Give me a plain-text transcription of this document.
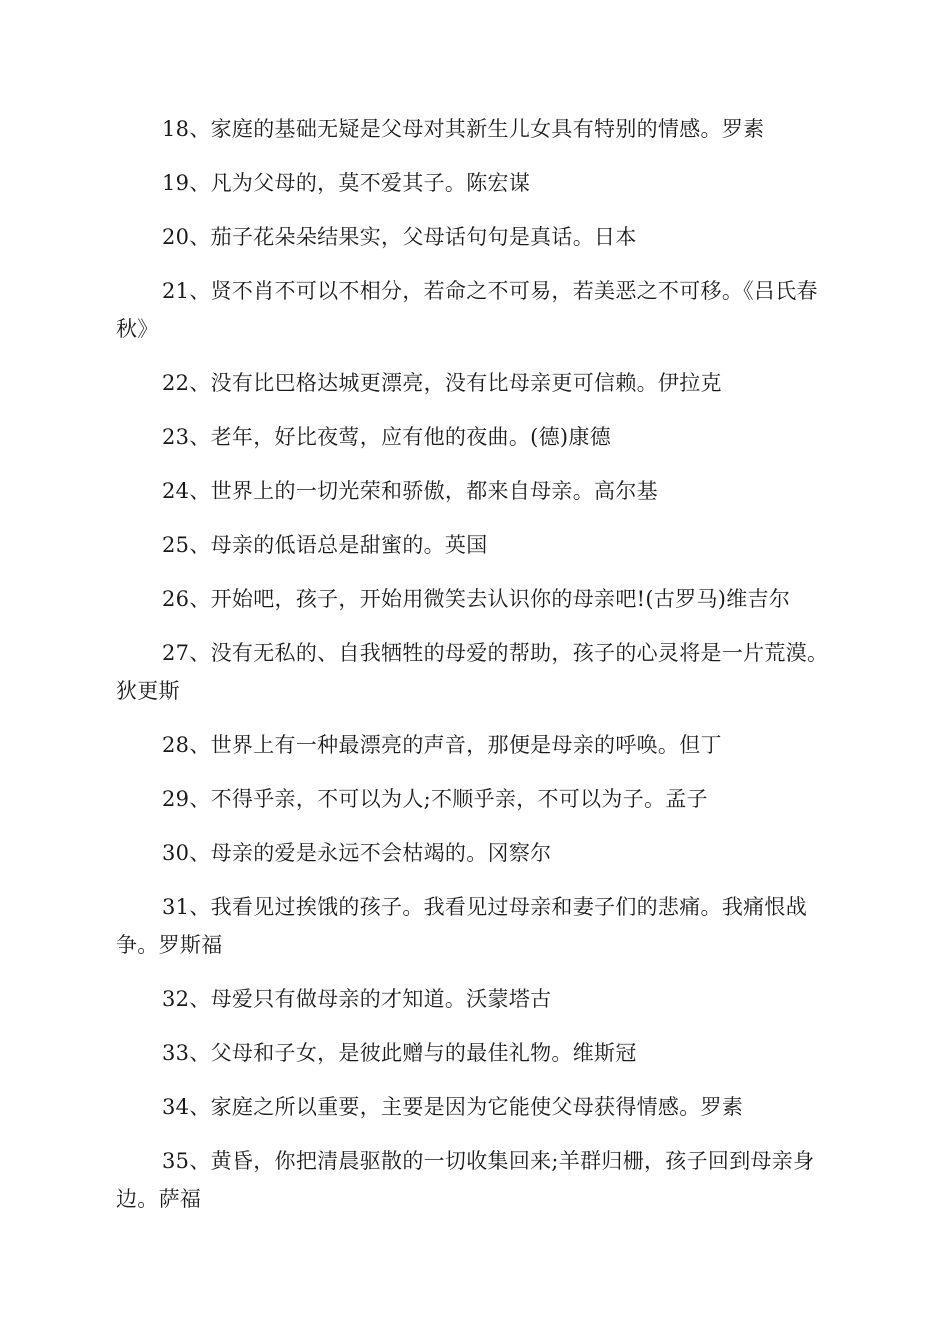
18、家庭的基础无疑是父母对其新生儿女具有特别的情感。罗素

19、凡为父母的，莫不爱其子。陈宏谋

20、茄子花朵朵结果实，父母话句句是真话。日本

21、贤不肖不可以不相分，若命之不可易，若美恶之不可移。《吕氏春秋》

22、没有比巴格达城更漂亮，没有比母亲更可信赖。伊拉克

23、老年，好比夜莺，应有他的夜曲。(德)康德

24、世界上的一切光荣和骄傲，都来自母亲。高尔基

25、母亲的低语总是甜蜜的。英国

26、开始吧，孩子，开始用微笑去认识你的母亲吧!(古罗马)维吉尔

27、没有无私的、自我牺牲的母爱的帮助，孩子的心灵将是一片荒漠。狄更斯

28、世界上有一种最漂亮的声音，那便是母亲的呼唤。但丁

29、不得乎亲，不可以为人;不顺乎亲，不可以为子。孟子

30、母亲的爱是永远不会枯竭的。冈察尔

31、我看见过挨饿的孩子。我看见过母亲和妻子们的悲痛。我痛恨战争。罗斯福

32、母爱只有做母亲的才知道。沃蒙塔古

33、父母和子女，是彼此赠与的最佳礼物。维斯冠

34、家庭之所以重要，主要是因为它能使父母获得情感。罗素

35、黄昏，你把清晨驱散的一切收集回来;羊群归栅，孩子回到母亲身边。萨福
